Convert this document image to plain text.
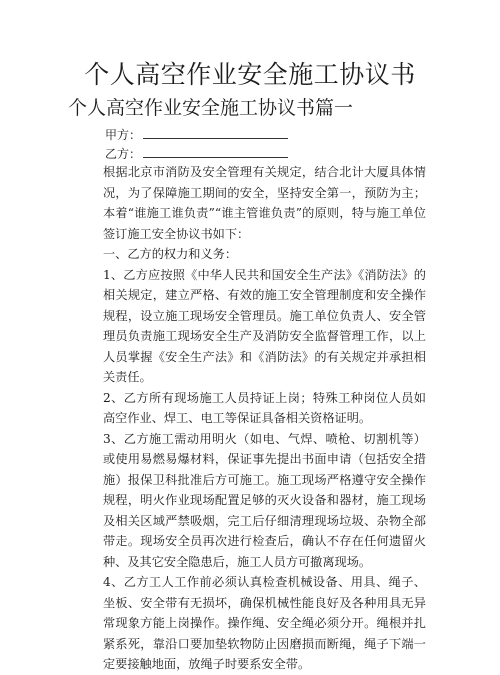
个人高空作业安全施工协议书
个人高空作业安全施工协议书篇一
甲方：
乙方：

根据北京市消防及安全管理有关规定，结合北计大厦具体情况，为了保障施工期间的安全，坚持安全第一，预防为主；本着“谁施工谁负责”“谁主管谁负责”的原则，特与施工单位签订施工安全协议书如下：

一、乙方的权力和义务：

1、乙方应按照《中华人民共和国安全生产法》《消防法》的相关规定，建立严格、有效的施工安全管理制度和安全操作规程，设立施工现场安全管理员。施工单位负责人、安全管理员负责施工现场安全生产及消防安全监督管理工作，以上人员掌握《安全生产法》和《消防法》的有关规定并承担相关责任。

2、乙方所有现场施工人员持证上岗；特殊工种岗位人员如高空作业、焊工、电工等保证具备相关资格证明。

3、乙方施工需动用明火（如电、气焊、喷枪、切割机等）或使用易燃易爆材料，保证事先提出书面申请（包括安全措施）报保卫科批准后方可施工。施工现场严格遵守安全操作规程，明火作业现场配置足够的灭火设备和器材，施工现场及相关区域严禁吸烟，完工后仔细清理现场垃圾、杂物全部带走。现场安全员再次进行检查后，确认不存在任何遗留火种、及其它安全隐患后，施工人员方可撤离现场。

4、乙方工人工作前必须认真检查机械设备、用具、绳子、坐板、安全带有无损坏，确保机械性能良好及各种用具无异常现象方能上岗操作。操作绳、安全绳必须分开。绳根并扎紧系死，靠沿口要加垫软物防止因磨损而断绳，绳子下端一定要接触地面，放绳子时要系安全带。
